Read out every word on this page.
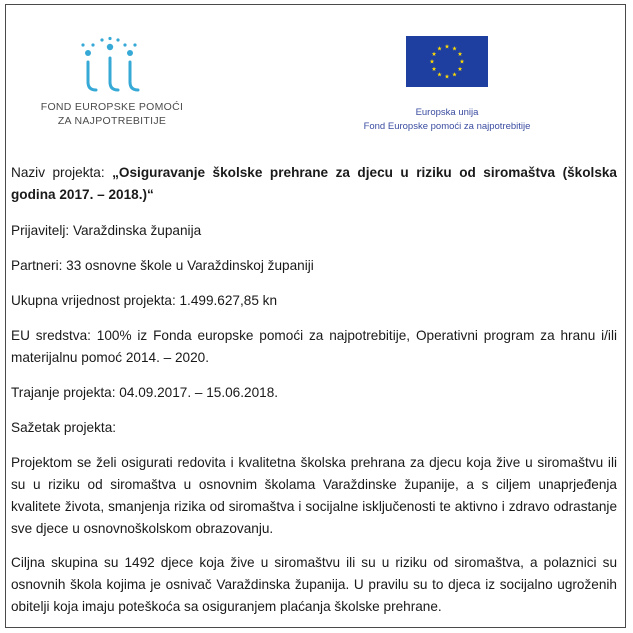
FOND EUROPSKE POMOĆI
ZA NAJPOTREBITIJE
Europska unija
Fond Europske pomoći za najpotrebitije

Naziv projekta: „Osiguravanje školske prehrane za djecu u riziku od siromaštva (školska godina 2017. – 2018.)“

Prijavitelj: Varaždinska županija

Partneri: 33 osnovne škole u Varaždinskoj županiji

Ukupna vrijednost projekta: 1.499.627,85 kn

EU sredstva: 100% iz Fonda europske pomoći za najpotrebitije, Operativni program za hranu i/ili materijalnu pomoć 2014. – 2020.

Trajanje projekta: 04.09.2017. – 15.06.2018.

Sažetak projekta:

Projektom se želi osigurati redovita i kvalitetna školska prehrana za djecu koja žive u siromaštvu ili su u riziku od siromaštva u osnovnim školama Varaždinske županije, a s ciljem unaprjeđenja kvalitete života, smanjenja rizika od siromaštva i socijalne isključenosti te aktivno i zdravo odrastanje sve djece u osnovnoškolskom obrazovanju.

Ciljna skupina su 1492 djece koja žive u siromaštvu ili su u riziku od siromaštva, a polaznici su osnovnih škola kojima je osnivač Varaždinska županija. U pravilu su to djeca iz socijalno ugroženih obitelji koja imaju poteškoća sa osiguranjem plaćanja školske prehrane.
